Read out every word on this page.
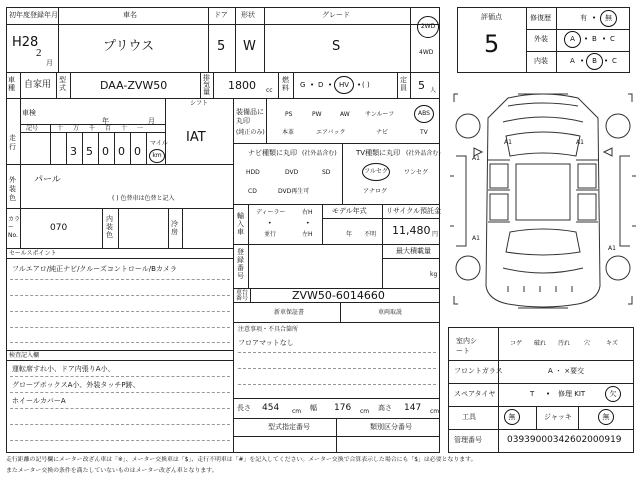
初年度登録年月
H28
2
月
車名
プリウス
ドア
5
形状
W
グレード
S
2WD
4WD
車種 自家用 型式	DAA-ZVW50
排気量 1800 cc
燃料 G • D • HV • ( )
定員 5 人
車検
年	月
シフト
IAT
走行
記号	十 万 千 百 十 一
3 5 0 0 0
マイル
km
外装色
パール
( ) 色替車は色替と記入
カラーNo.
070
内装色
冷房
セールスポイント
フルエアロ/純正ナビ/クルーズコントロール/Bカメラ
検査記入欄
運転席すれ小、ドア内張りA小、
グローブボックスA小、外装タッチP跡、
ホイールカバーA
装備品に丸印
(純正のみ)
PS	PW	AW	サンルーフ	ABS
本革	エアバック	ナビ	TV
ナビ種類に丸印 (社外品含む)
HDD	DVD	SD
CD	DVD再生可
TV種類に丸印 (社外品含む)
フルセグ	ワンセグ
アナログ
輸入車
ディーラー
•
並行
右H
•
左H
モデル年式
年 不明
リサイクル預託金
11,480 円
登録番号
最大積載量
kg
車台番号	ZVW50-6014660
新車保証書	車両取説
注意事項・不具合箇所
フロアマットなし
長さ 454 cm 幅 176 cm 高さ 147 cm
型式指定番号	類別区分番号
評価点
5
修復歴	有 • 無
外装	A • B • C
内装	A • B • C
A1
A1
A1
A1
A1
室内シート
コゲ 破れ 汚れ 穴	キズ
フロントガラス	A ・ ×要交
スペアタイヤ	T • 修理 KIT	欠
工具	無	ジャッキ	無
管理番号	03939000342602000919
走行距離の記号欄にメーター改ざん車は「※」、メーター交換車は「$」、走行不明車は「#」を記入してください。メーター交換で合算表示した場合にも「$」は必要となります。
またメーター交換の条件を満たしていないものはメーター改ざん車となります。
